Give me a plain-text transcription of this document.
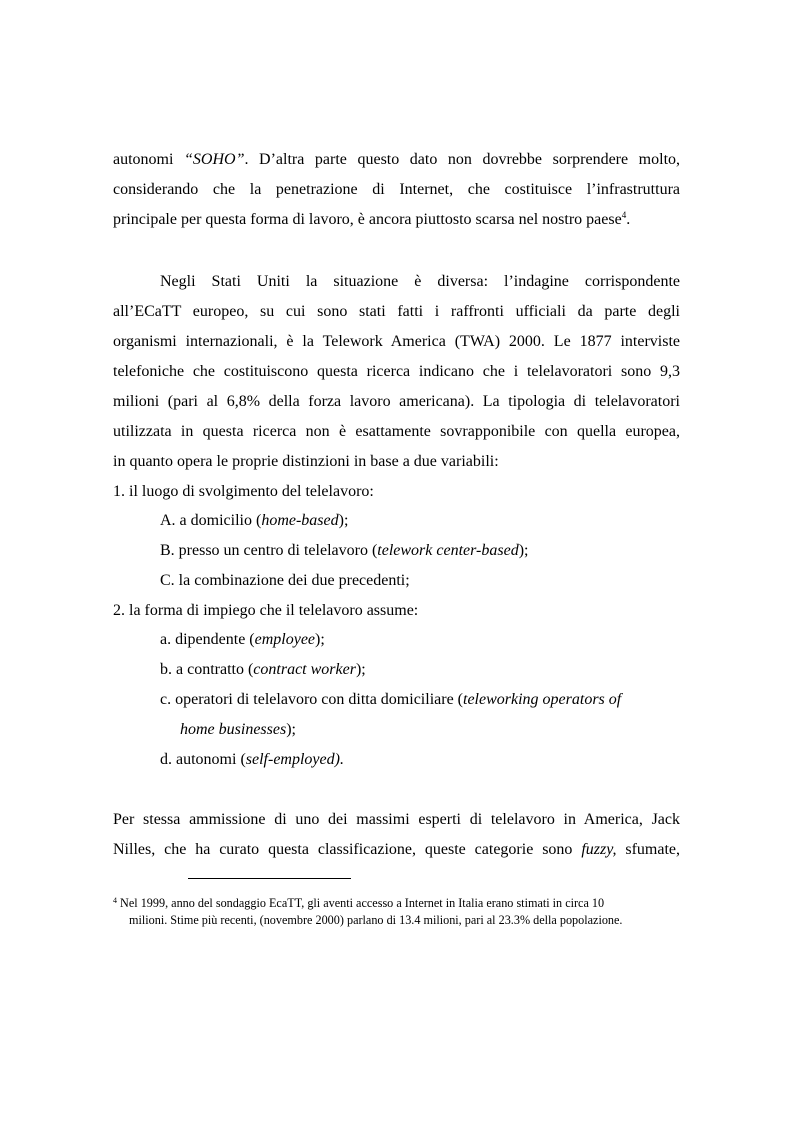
autonomi “SOHO”. D’altra parte questo dato non dovrebbe sorprendere molto,
considerando che la penetrazione di Internet, che costituisce l’infrastruttura
principale per questa forma di lavoro, è ancora piuttosto scarsa nel nostro paese$^4$.
Negli Stati Uniti la situazione è diversa: l’indagine corrispondente
all’ECaTT europeo, su cui sono stati fatti i raffronti ufficiali da parte degli
organismi internazionali, è la Telework America (TWA) 2000. Le 1877 interviste
telefoniche che costituiscono questa ricerca indicano che i telelavoratori sono 9,3
milioni (pari al 6,8% della forza lavoro americana). La tipologia di telelavoratori
utilizzata in questa ricerca non è esattamente sovrapponibile con quella europea,
in quanto opera le proprie distinzioni in base a due variabili:
1. il luogo di svolgimento del telelavoro:
A. a domicilio (home-based);
B. presso un centro di telelavoro (telework center-based);
C. la combinazione dei due precedenti;
2. la forma di impiego che il telelavoro assume:
a. dipendente (employee);
b. a contratto (contract worker);
c. operatori di telelavoro con ditta domiciliare (teleworking operators of
home businesses);
d. autonomi (self-employed).
Per stessa ammissione di uno dei massimi esperti di telelavoro in America, Jack
Nilles, che ha curato questa classificazione, queste categorie sono fuzzy, sfumate,
$^4$ Nel 1999, anno del sondaggio EcaTT, gli aventi accesso a Internet in Italia erano stimati in circa 10
milioni. Stime più recenti, (novembre 2000) parlano di 13.4 milioni, pari al 23.3% della popolazione.
